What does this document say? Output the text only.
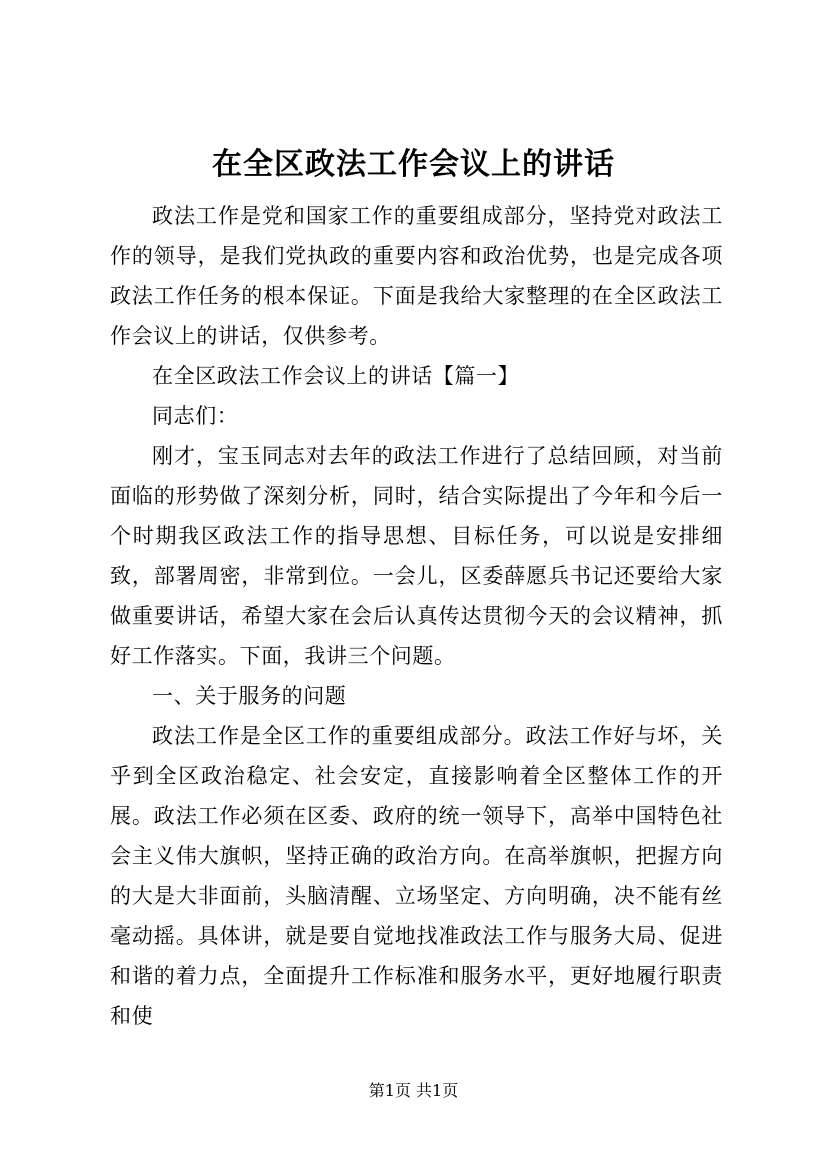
在全区政法工作会议上的讲话

政法工作是党和国家工作的重要组成部分，坚持党对政法工作的领导，是我们党执政的重要内容和政治优势，也是完成各项政法工作任务的根本保证。下面是我给大家整理的在全区政法工作会议上的讲话，仅供参考。

在全区政法工作会议上的讲话【篇一】

同志们：

刚才，宝玉同志对去年的政法工作进行了总结回顾，对当前面临的形势做了深刻分析，同时，结合实际提出了今年和今后一个时期我区政法工作的指导思想、目标任务，可以说是安排细致，部署周密，非常到位。一会儿，区委薛愿兵书记还要给大家做重要讲话，希望大家在会后认真传达贯彻今天的会议精神，抓好工作落实。下面，我讲三个问题。

一、关于服务的问题

政法工作是全区工作的重要组成部分。政法工作好与坏，关乎到全区政治稳定、社会安定，直接影响着全区整体工作的开展。政法工作必须在区委、政府的统一领导下，高举中国特色社会主义伟大旗帜，坚持正确的政治方向。在高举旗帜，把握方向的大是大非面前，头脑清醒、立场坚定、方向明确，决不能有丝毫动摇。具体讲，就是要自觉地找准政法工作与服务大局、促进和谐的着力点，全面提升工作标准和服务水平，更好地履行职责和使

第1页 共1页
